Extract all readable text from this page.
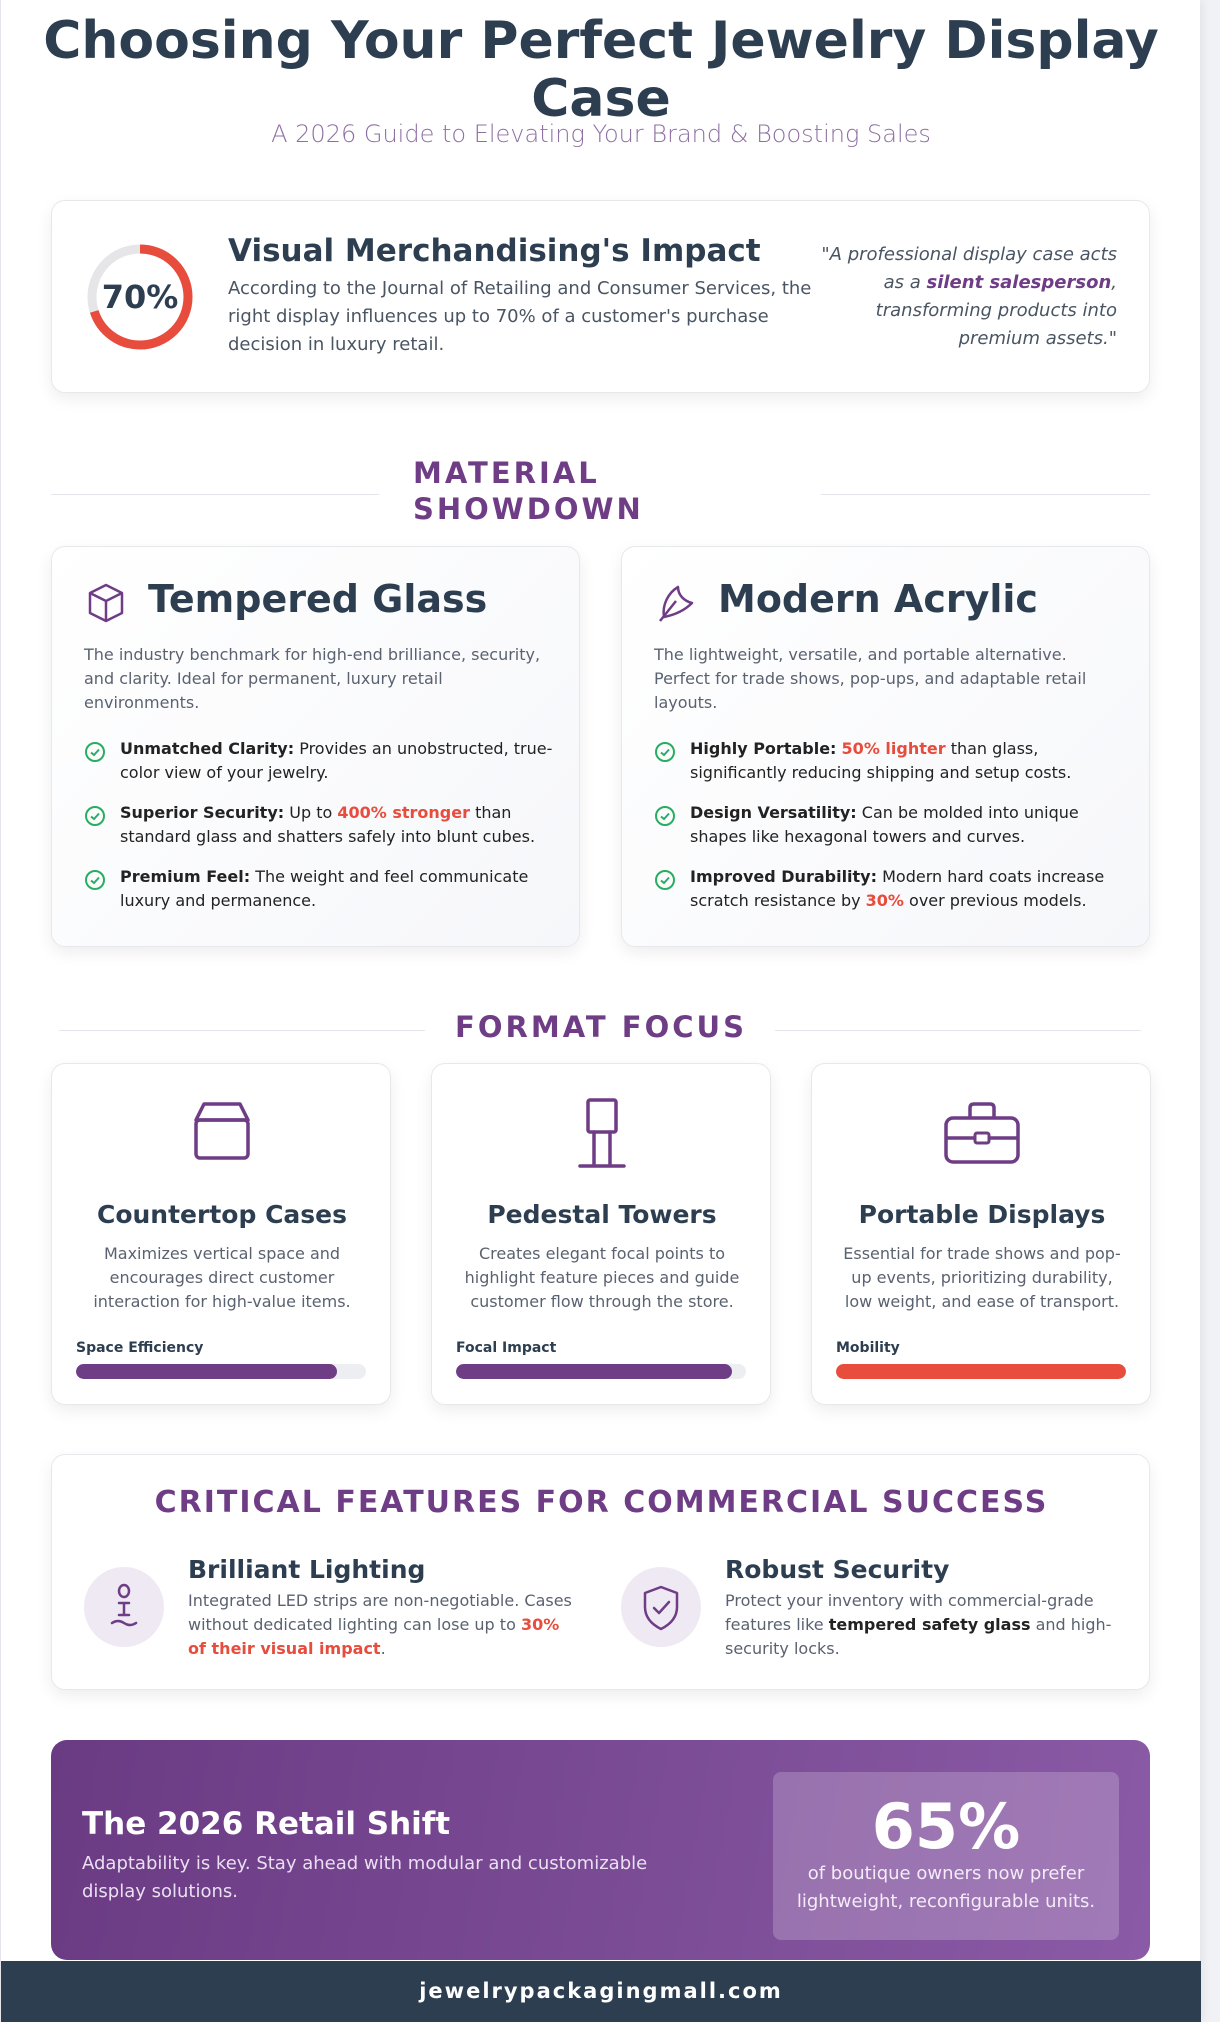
Choosing Your Perfect Jewelry Display Case
A 2026 Guide to Elevating Your Brand & Boosting Sales
70%
Visual Merchandising's Impact
According to the Journal of Retailing and Consumer Services, the right display influences up to 70% of a customer's purchase decision in luxury retail.
"A professional display case acts as a silent salesperson, transforming products into premium assets."
MATERIAL SHOWDOWN
Tempered Glass
The industry benchmark for high-end brilliance, security, and clarity. Ideal for permanent, luxury retail environments.
Unmatched Clarity: Provides an unobstructed, true-color view of your jewelry.
Superior Security: Up to 400% stronger than standard glass and shatters safely into blunt cubes.
Premium Feel: The weight and feel communicate luxury and permanence.
Modern Acrylic
The lightweight, versatile, and portable alternative. Perfect for trade shows, pop-ups, and adaptable retail layouts.
Highly Portable: 50% lighter than glass, significantly reducing shipping and setup costs.
Design Versatility: Can be molded into unique shapes like hexagonal towers and curves.
Improved Durability: Modern hard coats increase scratch resistance by 30% over previous models.
FORMAT FOCUS
Countertop Cases
Maximizes vertical space and encourages direct customer interaction for high-value items.
Space Efficiency
Pedestal Towers
Creates elegant focal points to highlight feature pieces and guide customer flow through the store.
Focal Impact
Portable Displays
Essential for trade shows and pop-up events, prioritizing durability, low weight, and ease of transport.
Mobility
CRITICAL FEATURES FOR COMMERCIAL SUCCESS
Brilliant Lighting
Integrated LED strips are non-negotiable. Cases without dedicated lighting can lose up to 30% of their visual impact.
Robust Security
Protect your inventory with commercial-grade features like tempered safety glass and high-security locks.
The 2026 Retail Shift
Adaptability is key. Stay ahead with modular and customizable display solutions.
65%
of boutique owners now prefer lightweight, reconfigurable units.
jewelrypackagingmall.com
